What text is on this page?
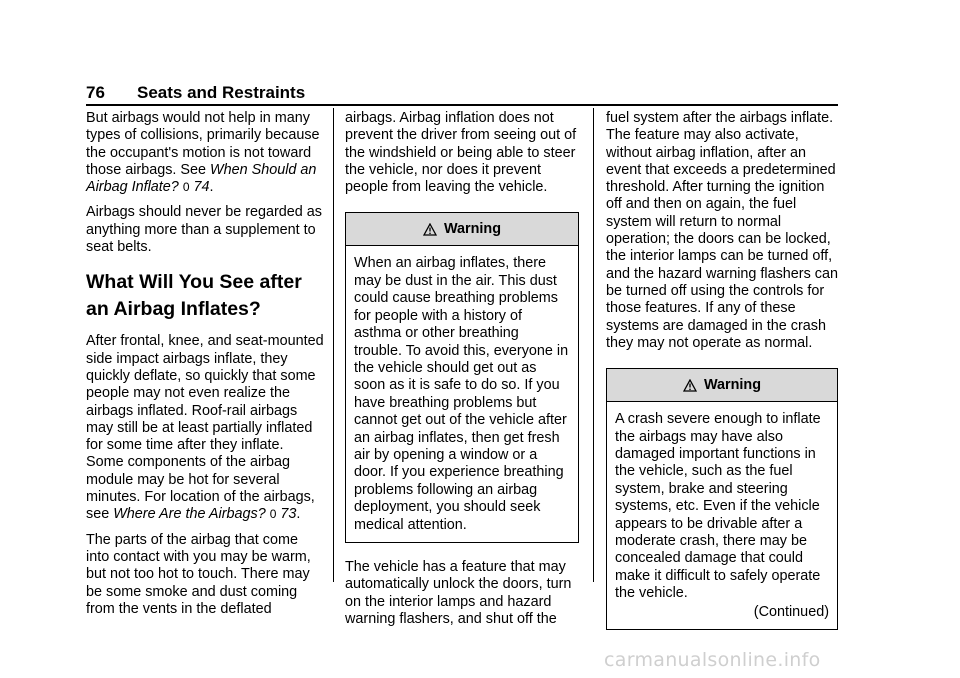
76 Seats and Restraints

But airbags would not help in many types of collisions, primarily because the occupant's motion is not toward those airbags. See When Should an Airbag Inflate? 0 74.

Airbags should never be regarded as anything more than a supplement to seat belts.

What Will You See after an Airbag Inflates?

After frontal, knee, and seat-mounted side impact airbags inflate, they quickly deflate, so quickly that some people may not even realize the airbags inflated. Roof-rail airbags may still be at least partially inflated for some time after they inflate. Some components of the airbag module may be hot for several minutes. For location of the airbags, see Where Are the Airbags? 0 73.

The parts of the airbag that come into contact with you may be warm, but not too hot to touch. There may be some smoke and dust coming from the vents in the deflated

airbags. Airbag inflation does not prevent the driver from seeing out of the windshield or being able to steer the vehicle, nor does it prevent people from leaving the vehicle.

Warning
When an airbag inflates, there may be dust in the air. This dust could cause breathing problems for people with a history of asthma or other breathing trouble. To avoid this, everyone in the vehicle should get out as soon as it is safe to do so. If you have breathing problems but cannot get out of the vehicle after an airbag inflates, then get fresh air by opening a window or a door. If you experience breathing problems following an airbag deployment, you should seek medical attention.

The vehicle has a feature that may automatically unlock the doors, turn on the interior lamps and hazard warning flashers, and shut off the

fuel system after the airbags inflate. The feature may also activate, without airbag inflation, after an event that exceeds a predetermined threshold. After turning the ignition off and then on again, the fuel system will return to normal operation; the doors can be locked, the interior lamps can be turned off, and the hazard warning flashers can be turned off using the controls for those features. If any of these systems are damaged in the crash they may not operate as normal.

Warning
A crash severe enough to inflate the airbags may have also damaged important functions in the vehicle, such as the fuel system, brake and steering systems, etc. Even if the vehicle appears to be drivable after a moderate crash, there may be concealed damage that could make it difficult to safely operate the vehicle.
(Continued)
carmanualsonline.info
